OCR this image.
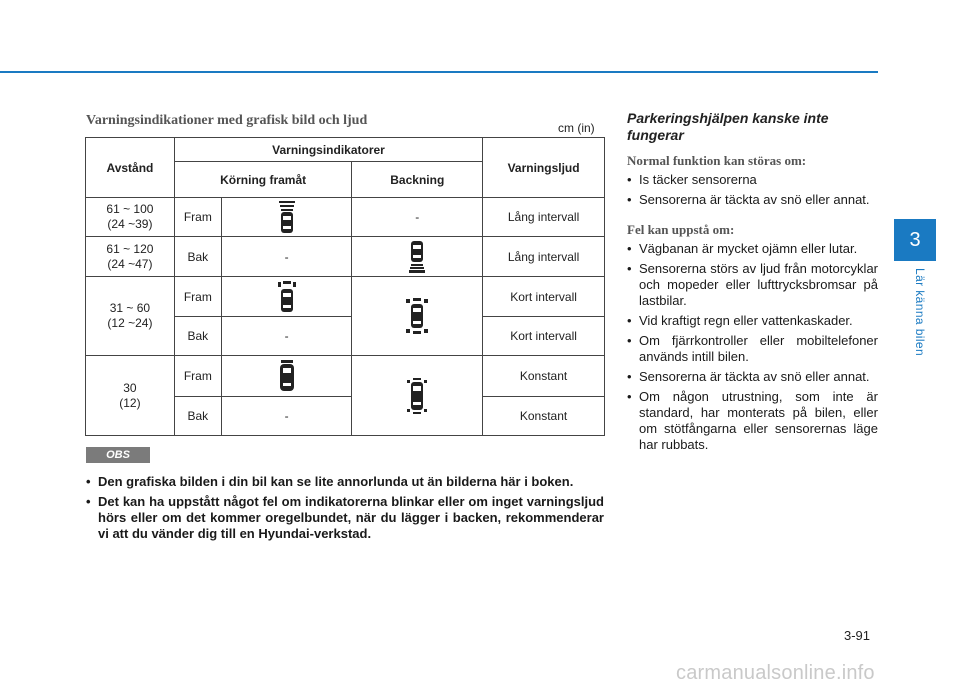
3
Lär känna bilen
Varningsindikationer med grafisk bild och ljud	cm (in)
Avstånd	Varningsindikatorer			Varningsljud
	Körning framåt		Backning	
61 ~ 100
(24 ~39)	Fram		-	Lång intervall
61 ~ 120
(24 ~47)	Bak	-		Lång intervall
31 ~ 60
(12 ~24)	Fram			Kort intervall
	Bak	-		Kort intervall
30
(12)	Fram			Konstant
	Bak	-		Konstant
OBS
• Den grafiska bilden i din bil kan se lite annorlunda ut än bilderna här i boken.
• Det kan ha uppstått något fel om indikatorerna blinkar eller om inget varningsljud hörs eller om det kommer oregelbundet, när du lägger i backen, rekommenderar vi att du vänder dig till en Hyundai-verkstad.
Parkeringshjälpen kanske inte fungerar
Normal funktion kan störas om:
• Is täcker sensorerna
• Sensorerna är täckta av snö eller annat.
Fel kan uppstå om:
• Vägbanan är mycket ojämn eller lutar.
• Sensorerna störs av ljud från motorcyklar och mopeder eller lufttrycksbromsar på lastbilar.
• Vid kraftigt regn eller vattenkaskader.
• Om fjärrkontroller eller mobiltelefoner används intill bilen.
• Sensorerna är täckta av snö eller annat.
• Om någon utrustning, som inte är standard, har monterats på bilen, eller om stötfångarna eller sensorernas läge har rubbats.
3-91
carmanualsonline.info
